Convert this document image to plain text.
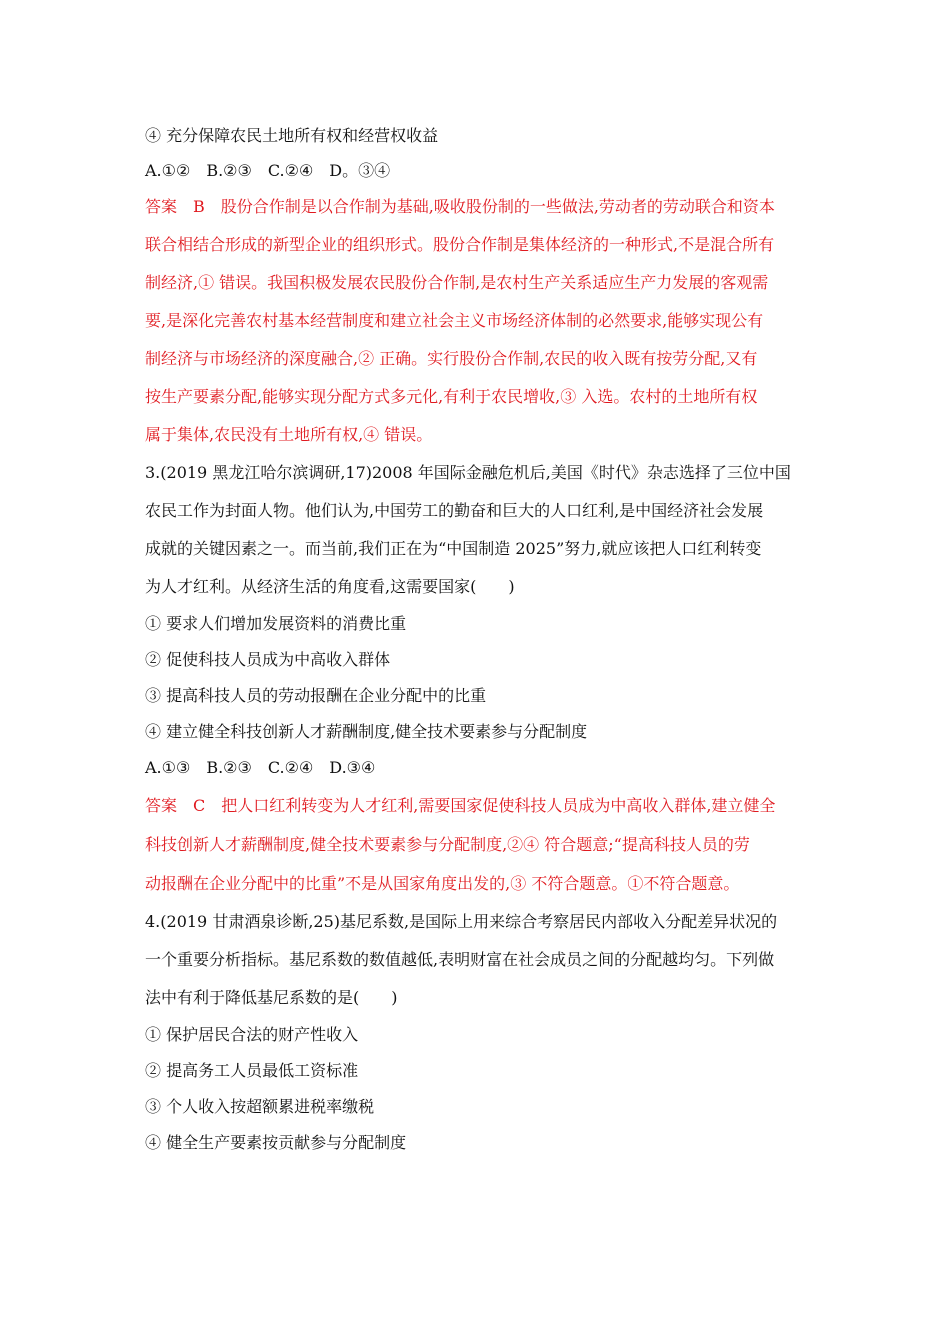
④ 充分保障农民土地所有权和经营权收益
A.①②　B.②③　C.②④　D。③④
答案　B　股份合作制是以合作制为基础,吸收股份制的一些做法,劳动者的劳动联合和资本
联合相结合形成的新型企业的组织形式。股份合作制是集体经济的一种形式,不是混合所有
制经济,① 错误。我国积极发展农民股份合作制,是农村生产关系适应生产力发展的客观需
要,是深化完善农村基本经营制度和建立社会主义市场经济体制的必然要求,能够实现公有
制经济与市场经济的深度融合,② 正确。实行股份合作制,农民的收入既有按劳分配,又有
按生产要素分配,能够实现分配方式多元化,有利于农民增收,③ 入选。农村的土地所有权
属于集体,农民没有土地所有权,④ 错误。
3.(2019 黑龙江哈尔滨调研,17)2008 年国际金融危机后,美国《时代》杂志选择了三位中国
农民工作为封面人物。他们认为,中国劳工的勤奋和巨大的人口红利,是中国经济社会发展
成就的关键因素之一。而当前,我们正在为“中国制造 2025”努力,就应该把人口红利转变
为人才红利。从经济生活的角度看,这需要国家(　　)
① 要求人们增加发展资料的消费比重
② 促使科技人员成为中高收入群体
③ 提高科技人员的劳动报酬在企业分配中的比重
④ 建立健全科技创新人才薪酬制度,健全技术要素参与分配制度
A.①③　B.②③　C.②④　D.③④
答案　C　把人口红利转变为人才红利,需要国家促使科技人员成为中高收入群体,建立健全
科技创新人才薪酬制度,健全技术要素参与分配制度,②④ 符合题意;“提高科技人员的劳
动报酬在企业分配中的比重”不是从国家角度出发的,③ 不符合题意。①不符合题意。
4.(2019 甘肃酒泉诊断,25)基尼系数,是国际上用来综合考察居民内部收入分配差异状况的
一个重要分析指标。基尼系数的数值越低,表明财富在社会成员之间的分配越均匀。下列做
法中有利于降低基尼系数的是(　　)
① 保护居民合法的财产性收入
② 提高务工人员最低工资标准
③ 个人收入按超额累进税率缴税
④ 健全生产要素按贡献参与分配制度
